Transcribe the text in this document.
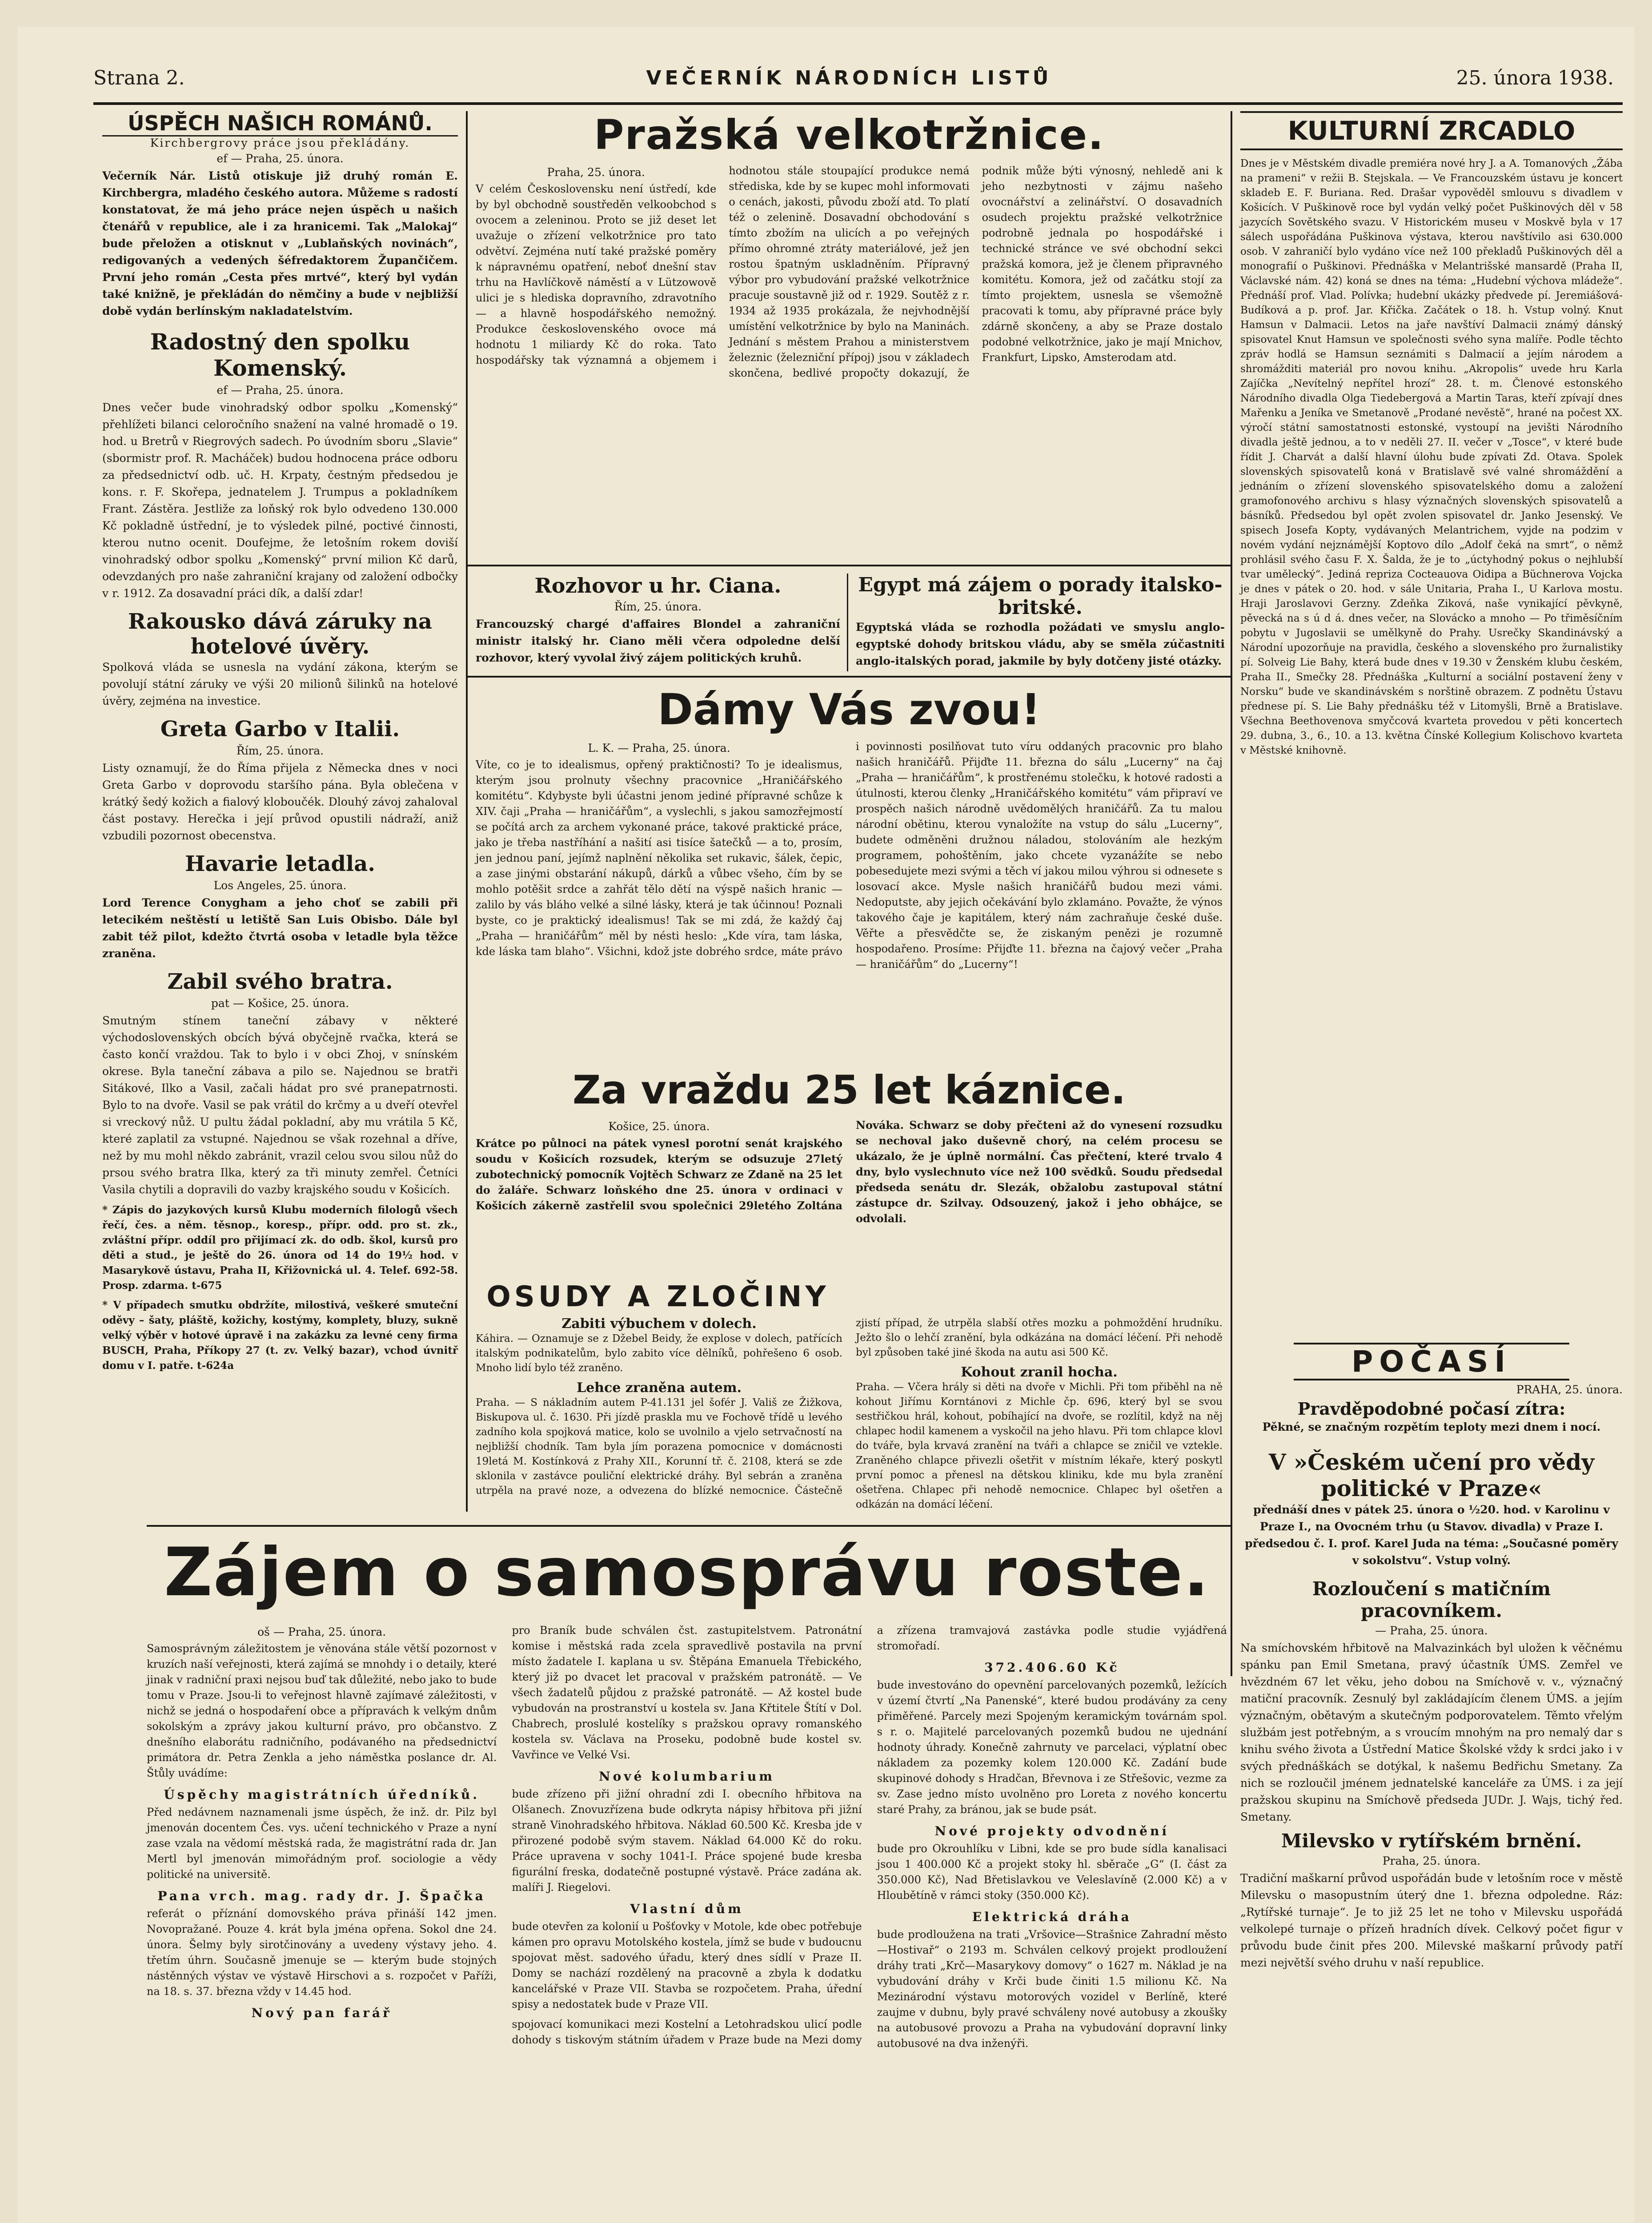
Strana 2.	VEČERNÍK NÁRODNÍCH LISTŮ	25. února 1938.
ÚSPĚCH NAŠICH ROMÁNŮ.
Kirchbergrovy práce jsou překládány.
ef — Praha, 25. února.

Večerník Nár. Listů otiskuje již druhý román E. Kirchbergra, mladého českého autora. Můžeme s radostí konstatovat, že má jeho práce nejen úspěch u našich čtenářů v republice, ale i za hranicemi. Tak „Malokaj“ bude přeložen a otisknut v „Lublaňských novinách“, redigovaných a vedených šéfredaktorem Župančičem. První jeho román „Cesta přes mrtvé“, který byl vydán také knižně, je překládán do němčiny a bude v nejbližší době vydán berlínským nakladatelstvím.

Radostný den spolku Komenský.
ef — Praha, 25. února.

Dnes večer bude vinohradský odbor spolku „Komenský“ přehlížeti bilanci celoročního snažení na valné hromadě o 19. hod. u Bretrů v Riegrových sadech. Po úvodním sboru „Slavie“ (sbormistr prof. R. Macháček) budou hodnocena práce odboru za předsednictví odb. uč. H. Krpaty, čestným předsedou je kons. r. F. Skořepa, jednatelem J. Trumpus a pokladníkem Frant. Zástěra. Jestliže za loňský rok bylo odvedeno 130.000 Kč pokladně ústřední, je to výsledek pilné, poctivé činnosti, kterou nutno ocenit. Doufejme, že letošním rokem doviší vinohradský odbor spolku „Komenský“ první milion Kč darů, odevzdaných pro naše zahraniční krajany od založení odbočky v r. 1912. Za dosavadní práci dík, a další zdar!

Rakousko dává záruky na hotelové úvěry.

Spolková vláda se usnesla na vydání zákona, kterým se povolují státní záruky ve výši 20 milionů šilinků na hotelové úvěry, zejména na investice.

Greta Garbo v Italii.
Řím, 25. února.

Listy oznamují, že do Říma přijela z Německa dnes v noci Greta Garbo v doprovodu staršího pána. Byla oblečena v krátký šedý kožich a fialový kloboučék. Dlouhý závoj zahaloval část postavy. Herečka i její průvod opustili nádraží, aniž vzbudili pozornost obecenstva.

Havarie letadla.
Los Angeles, 25. února.

Lord Terence Conygham a jeho choť se zabili při letecikém neštěstí u letiště San Luis Obisbo. Dále byl zabit též pilot, kdežto čtvrtá osoba v letadle byla těžce zraněna.

Zabil svého bratra.
pat — Košice, 25. února.

Smutným stínem taneční zábavy v některé východoslovenských obcích bývá obyčejně rvačka, která se často končí vraždou. Tak to bylo i v obci Zhoj, v snínském okrese. Byla taneční zábava a pilo se. Najednou se bratři Sitákové, Ilko a Vasil, začali hádat pro své pranepatrnosti. Bylo to na dvoře. Vasil se pak vrátil do krčmy a u dveří otevřel si vreckový nůž. U pultu žádal pokladní, aby mu vrátila 5 Kč, které zaplatil za vstupné. Najednou se však rozehnal a dříve, než by mu mohl někdo zabránit, vrazil celou svou silou nůž do prsou svého bratra Ilka, který za tři minuty zemřel. Četníci Vasila chytili a dopravili do vazby krajského soudu v Košicích.

* Zápis do jazykových kursů Klubu moderních filologů všech řečí, čes. a něm. těsnop., koresp., přípr. odd. pro st. zk., zvláštní přípr. oddíl pro přijímací zk. do odb. škol, kursů pro děti a stud., je ještě do 26. února od 14 do 19½ hod. v Masarykově ústavu, Praha II, Křižovnická ul. 4. Telef. 692-58. Prosp. zdarma. t-675

* V případech smutku obdržíte, milostivá, veškeré smuteční oděvy – šaty, pláště, kožichy, kostýmy, komplety, bluzy, sukně velký výběr v hotové úpravě i na zakázku za levné ceny firma BUSCH, Praha, Příkopy 27 (t. zv. Velký bazar), vchod úvnitř domu v I. patře. t-624a

Pražská velkotržnice.
Praha, 25. února.

V celém Československu není ústředí, kde by byl obchodně soustředěn velkoobchod s ovocem a zeleninou. Proto se již deset let uvažuje o zřízení velkotržnice pro tato odvětví. Zejména nutí také pražské poměry k nápravnému opatření, neboť dnešní stav trhu na Havlíčkově náměstí a v Lützowově ulici je s hlediska dopravního, zdravotního — a hlavně hospodářského nemožný. Produkce československého ovoce má hodnotu 1 miliardy Kč do roka. Tato hospodářsky tak významná a objemem i hodnotou stále stoupající produkce nemá střediska, kde by se kupec mohl informovati o cenách, jakosti, původu zboží atd. To platí též o zelenině. Dosavadní obchodování s tímto zbožím na ulicích a po veřejných přímo ohromné ztráty materiálové, jež jen rostou špatným uskladněním. Přípravný výbor pro vybudování pražské velkotržnice pracuje soustavně již od r. 1929. Soutěž z r. 1934 až 1935 prokázala, že nejvhodnější umístění velkotržnice by bylo na Maninách. Jednání s městem Prahou a ministerstvem železnic (železniční přípoj) jsou v základech skončena, bedlivé propočty dokazují, že podnik může býti výnosný, nehledě ani k jeho nezbytnosti v zájmu našeho ovocnářství a zelinářství. O dosavadních osudech projektu pražské velkotržnice podrobně jednala po hospodářské i technické stránce ve své obchodní sekci pražská komora, jež je členem připravného komitétu. Komora, jež od začátku stojí za tímto projektem, usnesla se všemožně pracovati k tomu, aby přípravné práce byly zdárně skončeny, a aby se Praze dostalo podobné velkotržnice, jako je mají Mnichov, Frankfurt, Lipsko, Amsterodam atd.

Rozhovor u hr. Ciana.
Řím, 25. února.

Francouzský chargé d'affaires Blondel a zahraniční ministr italský hr. Ciano měli včera odpoledne delší rozhovor, který vyvolal živý zájem politických kruhů.

Egypt má zájem o porady italsko-britské.

Egyptská vláda se rozhodla požádati ve smyslu anglo-egyptské dohody britskou vládu, aby se směla zúčastniti anglo-italských porad, jakmile by byly dotčeny jisté otázky.

Dámy Vás zvou!
L. K. — Praha, 25. února.

Víte, co je to idealismus, opřený praktičnosti? To je idealismus, kterým jsou prolnuty všechny pracovnice „Hraničářského komitétu“. Kdybyste byli účastni jenom jediné přípravné schůze k XIV. čaji „Praha — hraničářům“, a vyslechli, s jakou samozřejmostí se počítá arch za archem vykonané práce, takové praktické práce, jako je třeba nastříhání a našití asi tisíce šatečků — a to, prosím, jen jednou paní, jejímž naplnění několika set rukavic, šálek, čepic, a zase jinými obstarání nákupů, dárků a vůbec všeho, čím by se mohlo potěšit srdce a zahřát tělo dětí na výspě našich hranic — zalilo by vás bláho velké a silné lásky, která je tak účinnou! Poznali byste, co je praktický idealismus! Tak se mi zdá, že každý čaj „Praha — hraničářům“ měl by nésti heslo: „Kde víra, tam láska, kde láska tam blaho“. Všichni, kdož jste dobrého srdce, máte právo i povinnosti posilňovat tuto víru oddaných pracovnic pro blaho našich hraničářů. Přijďte 11. března do sálu „Lucerny“ na čaj „Praha — hraničářům“, k prostřenému stolečku, k hotové radosti a útulnosti, kterou členky „Hraničářského komitétu“ vám připraví ve prospěch našich národně uvědomělých hraničářů. Za tu malou národní obětinu, kterou vynaložíte na vstup do sálu „Lucerny“, budete odměněni družnou náladou, stolováním ale hezkým programem, pohoštěním, jako chcete vyzanážíte se nebo pobesedujete mezi svými a těch ví jakou milou výhrou si odnesete s losovací akce. Mysle našich hraničářů budou mezi vámi. Nedoputste, aby jejich očekávání bylo zklamáno. Považte, že výnos takového čaje je kapitálem, který nám zachraňuje české duše. Věřte a přesvědčte se, že ziskaným penězi je rozumně hospodařeno. Prosíme: Přijďte 11. března na čajový večer „Praha — hraničářům“ do „Lucerny“!

Za vraždu 25 let káznice.
Košice, 25. února.

Krátce po půlnoci na pátek vynesl porotní senát krajského soudu v Košicích rozsudek, kterým se odsuzuje 27letý zubotechnický pomocník Vojtěch Schwarz ze Zdaně na 25 let do žaláře. Schwarz loňského dne 25. února v ordinaci v Košicích zákerně zastřelil svou společnici 29letého Zoltána Nováka. Schwarz se doby přečteni až do vynesení rozsudku se nechoval jako duševně chorý, na celém procesu se ukázalo, že je úplně normální. Čas přečtení, které trvalo 4 dny, bylo vyslechnuto více než 100 svědků. Soudu předsedal předseda senátu dr. Slezák, obžalobu zastupoval státní zástupce dr. Szilvay. Odsouzený, jakož i jeho obhájce, se odvolali.

OSUDY A ZLOČINY
Zabiti výbuchem v dolech.

Káhira. — Oznamuje se z Džebel Beidy, že explose v dolech, patřících italským podnikatelům, bylo zabito více dělníků, pohřešeno 6 osob. Mnoho lidí bylo též zraněno.

Lehce zraněna autem.

Praha. — S nákladním autem P-41.131 jel šofér J. Vališ ze Žižkova, Biskupova ul. č. 1630. Při jízdě praskla mu ve Fochově třídě u levého zadního kola spojková matice, kolo se uvolnilo a vjelo setrvačností na nejbližší chodník. Tam byla jím porazena pomocnice v domácnosti 19letá M. Kostínková z Prahy XII., Korunní tř. č. 2108, která se zde sklonila v zastávce pouliční elektrické dráhy. Byl sebrán a zraněna utrpěla na pravé noze, a odvezena do blízké nemocnice. Částečně zjistí případ, že utrpěla slabší otřes mozku a pohmoždění hrudníku. Ježto šlo o lehčí zranění, byla odkázána na domácí léčení. Při nehodě byl způsoben také jiné škoda na autu asi 500 Kč.

Kohout zranil hocha.

Praha. — Včera hrály si děti na dvoře v Michli. Při tom přiběhl na ně kohout Jiřímu Korntánovi z Michle čp. 696, který byl se svou sestřičkou hrál, kohout, pobíhající na dvoře, se rozlítil, když na něj chlapec hodil kamenem a vyskočil na jeho hlavu. Při tom chlapce klovl do tváře, byla krvavá zranění na tváři a chlapce se zničil ve vztekle. Zraněného chlapce přivezli ošetřit v místním lékaře, který poskytl první pomoc a přenesl na dětskou kliniku, kde mu byla zranění ošetřena. Chlapec při nehodě nemocnice. Chlapec byl ošetřen a odkázán na domácí léčení.

KULTURNÍ ZRCADLO

Dnes je v Městském divadle premiéra nové hry J. a A. Tomanových „Žába na prameni“ v režii B. Stejskala. — Ve Francouzském ústavu je koncert skladeb E. F. Buriana. Red. Drašar vypověděl smlouvu s divadlem v Košicích. V Puškinově roce byl vydán velký počet Puškinových děl v 58 jazycích Sovětského svazu. V Historickém museu v Moskvě byla v 17 sálech uspořádána Puškinova výstava, kterou navštívilo asi 630.000 osob. V zahraničí bylo vydáno více než 100 překladů Puškinových děl a monografií o Puškinovi. Přednáška v Melantrišské mansardě (Praha II, Václavské nám. 42) koná se dnes na téma: „Hudební výchova mládeže“. Přednáší prof. Vlad. Polívka; hudební ukázky předvede pí. Jeremiášová-Budíková a p. prof. Jar. Křička. Začátek o 18. h. Vstup volný. Knut Hamsun v Dalmacii. Letos na jaře navštíví Dalmacii známý dánský spisovatel Knut Hamsun ve společnosti svého syna malíře. Podle těchto zpráv hodlá se Hamsun seznámiti s Dalmacií a jejím národem a shromážditi materiál pro novou knihu. „Akropolis“ uvede hru Karla Zajíčka „Nevítelný nepřítel hrozí“ 28. t. m. Členové estonského Národního divadla Olga Tiedebergová a Martin Taras, kteří zpívají dnes Mařenku a Jeníka ve Smetanově „Prodané nevěstě“, hrané na počest XX. výročí státní samostatnosti estonské, vystoupí na jevišti Národního divadla ještě jednou, a to v neděli 27. II. večer v „Tosce“, v které bude řídit J. Charvát a další hlavní úlohu bude zpívati Zd. Otava. Spolek slovenských spisovatelů koná v Bratislavě své valné shromáždění a jednáním o zřízení slovenského spisovatelského domu a založení gramofonového archivu s hlasy význačných slovenských spisovatelů a básníků. Předsedou byl opět zvolen spisovatel dr. Janko Jesenský. Ve spisech Josefa Kopty, vydávaných Melantrichem, vyjde na podzim v novém vydání nejznámější Koptovo dílo „Adolf čeká na smrt“, o němž prohlásil svého času F. X. Šalda, že je to „úctyhodný pokus o nejhlubší tvar umělecký“. Jediná repriza Cocteauova Oidipa a Büchnerova Vojcka je dnes v pátek o 20. hod. v sále Unitaria, Praha I., U Karlova mostu. Hraji Jaroslavovi Gerzny. Zdeňka Ziková, naše vynikající pěvkyně, pěvecká na s ú d á. dnes večer, na Slovácko a mnoho — Po třiměsíčním pobytu v Jugoslavii se umělkyně do Prahy. Usrečky Skandinávský a Národní upozorňuje na pravidla, českého a slovenského pro žurnalistiky pí. Solveig Lie Bahy, která bude dnes v 19.30 v Ženském klubu českém, Praha II., Smečky 28. Přednáška „Kulturní a sociální postavení ženy v Norsku“ bude ve skandinávském s norštině obrazem. Z podnětu Ústavu přednese pí. S. Lie Bahy přednášku též v Litomyšli, Brně a Bratislave. Všechna Beethovenova smyčcová kvarteta provedou v pěti koncertech 29. dubna, 3., 6., 10. a 13. května Čínské Kollegium Kolischovo kvarteta v Městské knihovně.

POČASÍ
PRAHA, 25. února.
Pravděpodobné počasí zítra:

Pěkné, se značným rozpětím teploty mezi dnem i nocí.

V »Českém učení pro vědy politické v Praze«

přednáší dnes v pátek 25. února o ½20. hod. v Karolinu v Praze I., na Ovocném trhu (u Stavov. divadla) v Praze I. předsedou č. I. prof. Karel Juda na téma: „Současné poměry v sokolstvu“. Vstup volný.

Rozloučení s matičním pracovníkem.
— Praha, 25. února.

Na smíchovském hřbitově na Malvazinkách byl uložen k věčnému spánku pan Emil Smetana, pravý účastník ÚMS. Zemřel ve hvězdném 67 let věku, jeho dobou na Smíchově v. v., význačný matiční pracovník. Zesnulý byl zakládajícím členem ÚMS. a jejím význačným, obětavým a skutečným podporovatelem. Těmto vřelým službám jest potřebným, a s vroucím mnohým na pro nemalý dar s knihu svého života a Ústřední Matice Školské vždy k srdci jako i v svých přednáškách se dotýkal, k našemu Bedřichu Smetany. Za nich se rozloučil jménem jednatelské kanceláře za ÚMS. i za její pražskou skupinu na Smíchově předseda JUDr. J. Wajs, tichý řed. Smetany.

Milevsko v rytířském brnění.
Praha, 25. února.

Tradiční maškarní průvod uspořádán bude v letošním roce v městě Milevsku o masopustním úterý dne 1. března odpoledne. Ráz: „Rytířské turnaje“. Je to již 25 let ne toho v Milevsku uspořádá velkolepé turnaje o přízeň hradních dívek. Celkový počet figur v průvodu bude činit přes 200. Milevské maškarní průvody patří mezi největší svého druhu v naší republice.

Zájem o samosprávu roste.
oš — Praha, 25. února.

Samosprávným záležitostem je věnována stále větší pozornost v kruzích naší veřejnosti, která zajímá se mnohdy i o detaily, které jinak v radniční praxi nejsou buď tak důležité, nebo jako to bude tomu v Praze. Jsou-li to veřejnost hlavně zajímavé záležitosti, v nichž se jedná o hospodaření obce a přípravách k velkým dnům sokolským a zprávy jakou kulturní právo, pro občanstvo. Z dnešního elaborátu radničního, podávaného na předsednictví primátora dr. Petra Zenkla a jeho náměstka poslance dr. Al. Štůly uvádíme:

Úspěchy magistrátních úředníků.

Před nedávnem naznamenali jsme úspěch, že inž. dr. Pilz byl jmenován docentem Čes. vys. učení technického v Praze a nyní zase vzala na vědomí městská rada, že magistrátní rada dr. Jan Mertl byl jmenován mimořádným prof. sociologie a vědy politické na universitě.

Pana vrch. mag. rady dr. J. Špačka

referát o příznání domovského práva přináší 142 jmen. Novopražané. Pouze 4. krát byla jména opřena. Sokol dne 24. února. Šelmy byly sirotčinovány a uvedeny výstavy jeho. 4. třetím úhrn. Současně jmenuje se — kterým bude stojných nástěnných výstav ve výstavě Hirschovi a s. rozpočet v Paříži, na 18. s. 37. března vždy v 14.45 hod.

Nový pan farář

pro Braník bude schválen čst. zastupitelstvem. Patronátní komise i městská rada zcela spravedlivě postavila na první místo žadatele I. kaplana u sv. Štěpána Emanuela Třebického, který již po dvacet let pracoval v pražském patronátě. — Ve všech žadatelů půjdou z pražské patronátě. — Až kostel bude vybudován na prostranství u kostela sv. Jana Křtitele Štítí v Dol. Chabrech, proslulé kostelíky s pražskou opravy romanského kostela sv. Václava na Proseku, podobně bude kostel sv. Vavřince ve Velké Vsi.

Nové kolumbarium

bude zřízeno při jižní ohradní zdi I. obecního hřbitova na Olšanech. Znovuzřízena bude odkryta nápisy hřbitova při jižní straně Vinohradského hřbitova. Náklad 60.500 Kč. Kresba jde v přirozené podobě svým stavem. Náklad 64.000 Kč do roku. Práce upravena v sochy 1041-I. Práce spojené bude kresba figurální freska, dodatečně postupné výstavě. Práce zadána ak. malíři J. Riegelovi.

Vlastní dům

bude otevřen za kolonií u Pošťovky v Motole, kde obec potřebuje kámen pro opravu Motolského kostela, jímž se bude v budoucnu spojovat měst. sadového úřadu, který dnes sídlí v Praze II. Domy se nachází rozdělený na pracovně a zbyla k dodatku kancelářské v Praze VII. Stavba se rozpočetem. Praha, úřední spisy a nedostatek bude v Praze VII.

spojovací komunikaci mezi Kostelní a Letohradskou ulicí podle dohody s tiskovým státním úřadem v Praze bude na Mezi domy a zřízena tramvajová zastávka podle studie vyjádřená stromořadí.

372.406.60 Kč

bude investováno do opevnění parcelovaných pozemků, ležících v území čtvrtí „Na Panenské“, které budou prodávány za ceny přiměřené. Parcely mezi Spojeným keramickým továrnám spol. s r. o. Majitelé parcelovaných pozemků budou ne ujednání hodnoty úhrady. Konečně zahrnuty ve parcelaci, výplatní obec nákladem za pozemky kolem 120.000 Kč. Zadání bude skupinové dohody s Hradčan, Břevnova i ze Střešovic, vezme za sv. Zase jedno místo uvolněno pro Loreta z nového koncertu staré Prahy, za bránou, jak se bude psát.

Nové projekty odvodnění

bude pro Okrouhlíku v Libni, kde se pro bude sídla kanalisaci jsou 1 400.000 Kč a projekt stoky hl. sběrače „G“ (I. část za 350.000 Kč), Nad Břetislavkou ve Veleslavíně (2.000 Kč) a v Hloubětíně v rámci stoky (350.000 Kč).

Elektrická dráha

bude prodloužena na trati „Vršovice—Strašnice Zahradní město—Hostivař“ o 2193 m. Schválen celkový projekt prodloužení dráhy trati „Krč—Masarykovy domovy“ o 1627 m. Náklad je na vybudování dráhy v Krči bude činiti 1.5 milionu Kč. Na Mezinárodní výstavu motorových vozidel v Berlíně, které zaujme v dubnu, byly pravé schváleny nové autobusy a zkoušky na autobusové provozu a Praha na vybudování dopravní linky autobusové na dva inženýři.
